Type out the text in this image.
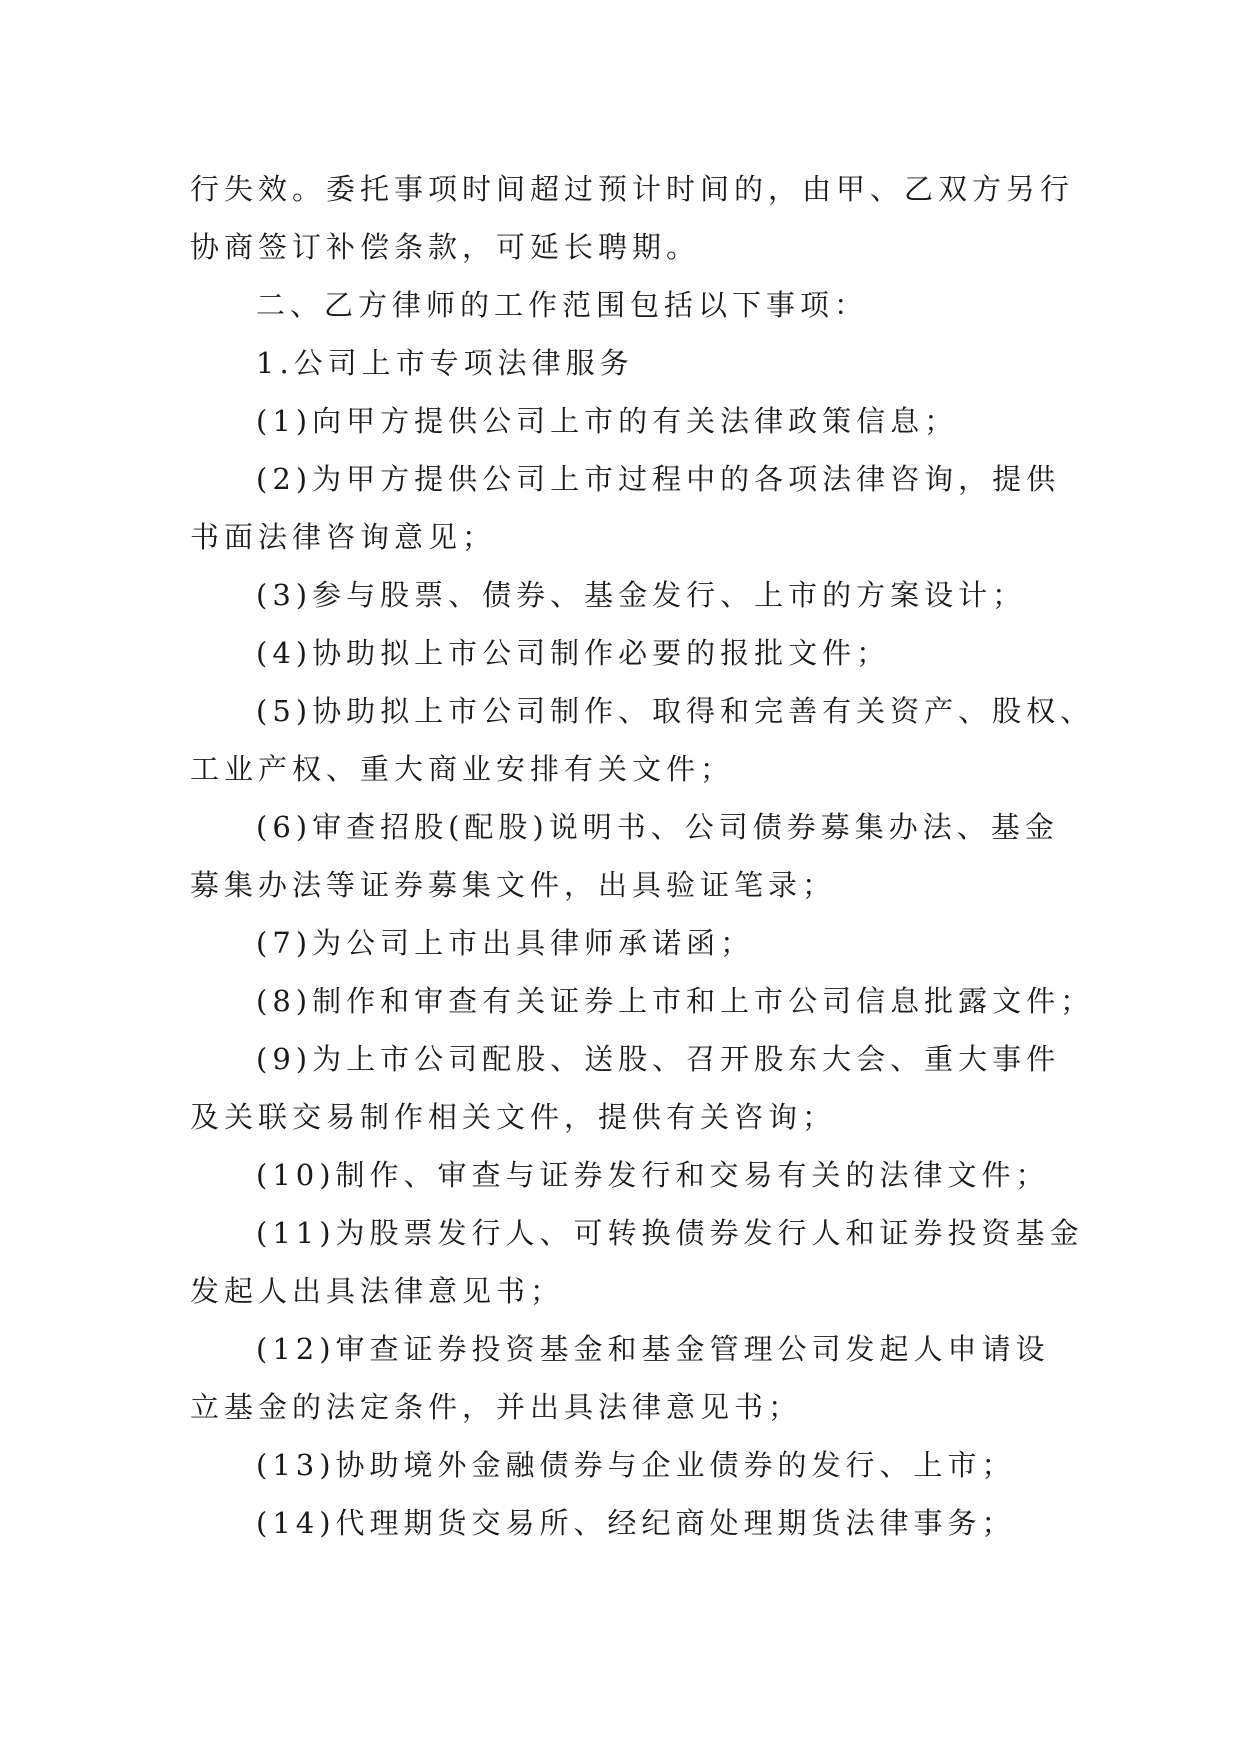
行失效。委托事项时间超过预计时间的，由甲、乙双方另行
协商签订补偿条款，可延长聘期。
二、乙方律师的工作范围包括以下事项：
1.公司上市专项法律服务
(1)向甲方提供公司上市的有关法律政策信息；
(2)为甲方提供公司上市过程中的各项法律咨询，提供
书面法律咨询意见；
(3)参与股票、债券、基金发行、上市的方案设计；
(4)协助拟上市公司制作必要的报批文件；
(5)协助拟上市公司制作、取得和完善有关资产、股权、
工业产权、重大商业安排有关文件；
(6)审查招股(配股)说明书、公司债券募集办法、基金
募集办法等证券募集文件，出具验证笔录；
(7)为公司上市出具律师承诺函；
(8)制作和审查有关证券上市和上市公司信息批露文件；
(9)为上市公司配股、送股、召开股东大会、重大事件
及关联交易制作相关文件，提供有关咨询；
(10)制作、审查与证券发行和交易有关的法律文件；
(11)为股票发行人、可转换债券发行人和证券投资基金
发起人出具法律意见书；
(12)审查证券投资基金和基金管理公司发起人申请设
立基金的法定条件，并出具法律意见书；
(13)协助境外金融债券与企业债券的发行、上市；
(14)代理期货交易所、经纪商处理期货法律事务；
